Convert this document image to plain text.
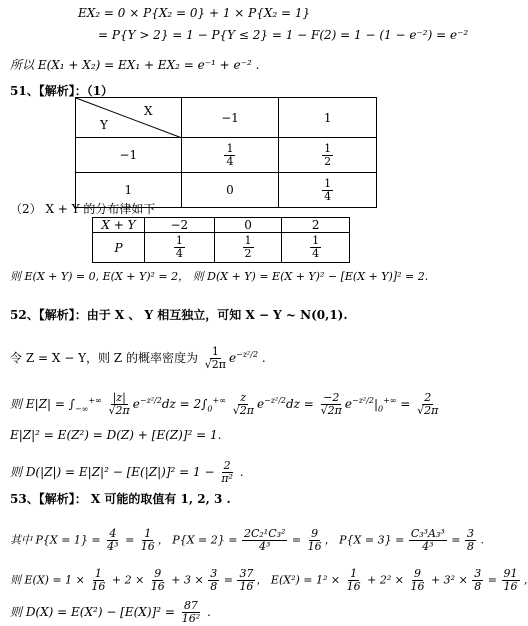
EX₂ = 0 × P{X₂ = 0} + 1 × P{X₂ = 1}
= P{Y > 2} = 1 − P{Y ≤ 2} = 1 − F(2) = 1 − (1 − e⁻²) = e⁻²
所以 E(X₁ + X₂) = EX₁ + EX₂ = e⁻¹ + e⁻² .
51、【解析】：（1）
X
Y	−1	1
−1	$\frac{1}{4}$	$\frac{1}{2}$

1	0	$\frac{1}{4}$
（2） X + Y 的分布律如下
X + Y	−2	0	2
P	$\frac{1}{4}$	$\frac{1}{2}$	$\frac{1}{4}$
则 E(X + Y) = 0, E(X + Y)² = 2， 则 D(X + Y) = E(X + Y)² − [E(X + Y)]² = 2.
52、【解析】：由于 X 、 Y 相互独立，可知 X − Y ~ N(0,1).
令 Z = X − Y，则 Z 的概率密度为 $\frac{1}{√2\pi} e^{-z^2/2}$ .
则 $E|Z| = \int_{-\infty}^{+\infty} \frac{|z|}{√2\pi} e^{-z^2/2}dz = 2\int_0^{+\infty} \frac{z}{√2\pi} e^{-z^2/2}dz = \frac{-2}{√2\pi} e^{-z^2/2}|_0^{+\infty} = \frac{2}{√2\pi}$
E|Z|² = E(Z²) = D(Z) + [E(Z)]² = 1.
则 $D(|Z|) = E|Z|^2 - [E(|Z|)]^2 = 1 - \frac{2}{\text{π²}}$ .
53、【解析】： X 可能的取值有 1, 2, 3 .
其中 $P\{X = 1\} = \frac{4}{\text{4³}} = \frac{1}{16}$ ， $P\{X = 2\} = \frac{\text{2C₂¹C₃²}}{\text{4³}} = \frac{9}{16}$ ， $P\{X = 3\} = \frac{\text{C₃³A₃³}}{\text{4³}} = \frac{3}{8}$ .
则 $E(X) = 1 \times \frac{1}{16} + 2 \times \frac{9}{16} + 3 \times \frac{3}{8} = \frac{37}{16}$ ， $E(X^2) = 1^2 \times \frac{1}{16} + 2^2 \times \frac{9}{16} + 3^2 \times \frac{3}{8} = \frac{91}{16}$ ,
则 $D(X) = E(X^2) - [E(X)]^2 = \frac{87}{\text{16²}}$ .
